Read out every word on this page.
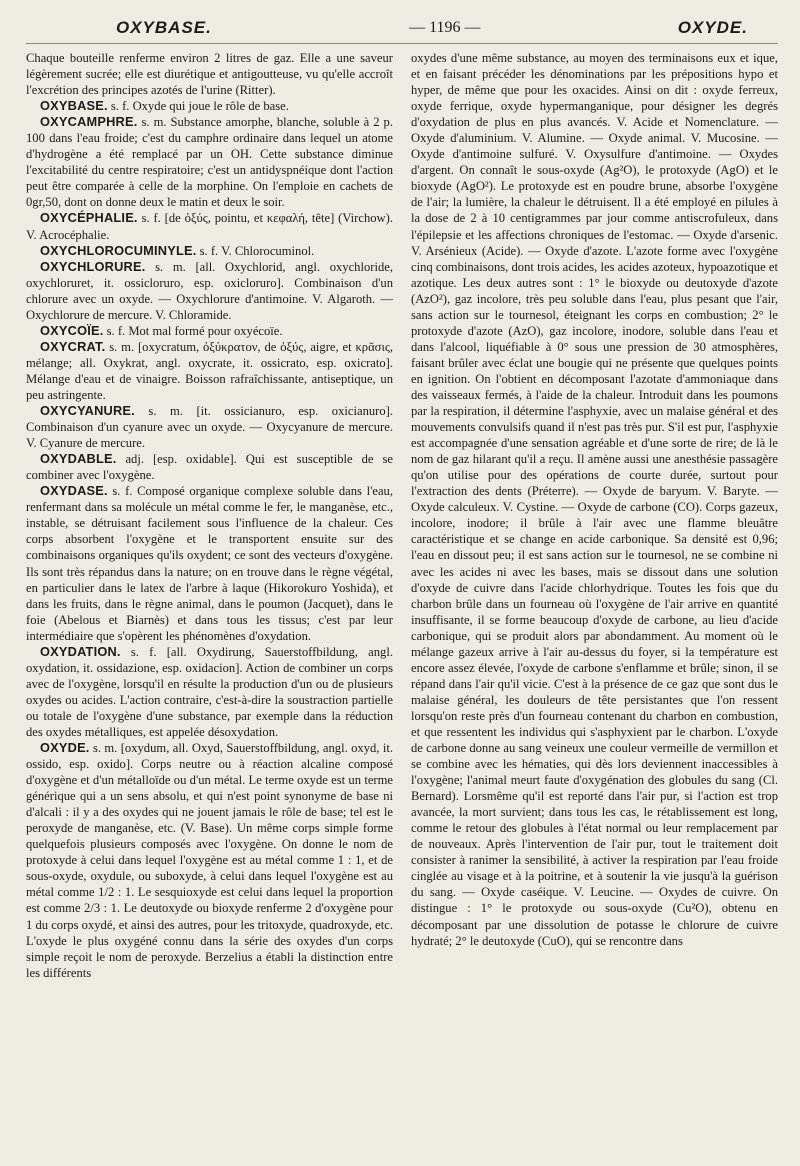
OXYBASE.	— 1196 —	OXYDE.

Chaque bouteille renferme environ 2 litres de gaz. Elle a une saveur légèrement sucrée; elle est diurétique et antigoutteuse, vu qu'elle accroît l'excrétion des principes azotés de l'urine (Ritter).

OXYBASE. s. f. Oxyde qui joue le rôle de base.

OXYCAMPHRE. s. m. Substance amorphe, blanche, soluble à 2 p. 100 dans l'eau froide; c'est du camphre ordinaire dans lequel un atome d'hydrogène a été remplacé par un OH. Cette substance diminue l'excitabilité du centre respiratoire; c'est un antidyspnéique dont l'action peut être comparée à celle de la morphine. On l'emploie en cachets de 0gr,50, dont on donne deux le matin et deux le soir.

OXYCÉPHALIE. s. f. [de ὀξύς, pointu, et κεφαλή, tête] (Virchow). V. Acrocéphalie.

OXYCHLOROCUMINYLE. s. f. V. Chlorocuminol.

OXYCHLORURE. s. m. [all. Oxychlorid, angl. oxychloride, oxychloruret, it. ossicloruro, esp. oxicloruro]. Combinaison d'un chlorure avec un oxyde. — Oxychlorure d'antimoine. V. Algaroth. — Oxychlorure de mercure. V. Chloramide.

OXYCOÏE. s. f. Mot mal formé pour oxyécoïe.

OXYCRAT. s. m. [oxycratum, ὀξύκρατον, de ὀξύς, aigre, et κρᾶσις, mélange; all. Oxykrat, angl. oxycrate, it. ossicrato, esp. oxicrato]. Mélange d'eau et de vinaigre. Boisson rafraîchissante, antiseptique, un peu astringente.

OXYCYANURE. s. m. [it. ossicianuro, esp. oxicianuro]. Combinaison d'un cyanure avec un oxyde. — Oxycyanure de mercure. V. Cyanure de mercure.

OXYDABLE. adj. [esp. oxidable]. Qui est susceptible de se combiner avec l'oxygène.

OXYDASE. s. f. Composé organique complexe soluble dans l'eau, renfermant dans sa molécule un métal comme le fer, le manganèse, etc., instable, se détruisant facilement sous l'influence de la chaleur. Ces corps absorbent l'oxygène et le transportent ensuite sur des combinaisons organiques qu'ils oxydent; ce sont des vecteurs d'oxygène. Ils sont très répandus dans la nature; on en trouve dans le règne végétal, en particulier dans le latex de l'arbre à laque (Hikorokuro Yoshida), et dans les fruits, dans le règne animal, dans le poumon (Jacquet), dans le foie (Abelous et Biarnès) et dans tous les tissus; c'est par leur intermédiaire que s'opèrent les phénomènes d'oxydation.

OXYDATION. s. f. [all. Oxydirung, Sauerstoffbildung, angl. oxydation, it. ossidazione, esp. oxidacion]. Action de combiner un corps avec de l'oxygène, lorsqu'il en résulte la production d'un ou de plusieurs oxydes ou acides. L'action contraire, c'est-à-dire la soustraction partielle ou totale de l'oxygène d'une substance, par exemple dans la réduction des oxydes métalliques, est appelée désoxydation.

OXYDE. s. m. [oxydum, all. Oxyd, Sauerstoffbildung, angl. oxyd, it. ossido, esp. oxido]. Corps neutre ou à réaction alcaline composé d'oxygène et d'un métalloïde ou d'un métal. Le terme oxyde est un terme générique qui a un sens absolu, et qui n'est point synonyme de base ni d'alcali : il y a des oxydes qui ne jouent jamais le rôle de base; tel est le peroxyde de manganèse, etc. (V. Base). Un même corps simple forme quelquefois plusieurs composés avec l'oxygène. On donne le nom de protoxyde à celui dans lequel l'oxygène est au métal comme 1 : 1, et de sous-oxyde, oxydule, ou suboxyde, à celui dans lequel l'oxygène est au métal comme 1/2 : 1. Le sesquioxyde est celui dans lequel la proportion est comme 2/3 : 1. Le deutoxyde ou bioxyde renferme 2 d'oxygène pour 1 du corps oxydé, et ainsi des autres, pour les tritoxyde, quadroxyde, etc. L'oxyde le plus oxygéné connu dans la série des oxydes d'un corps simple reçoit le nom de peroxyde. Berzelius a établi la distinction entre les différents

oxydes d'une même substance, au moyen des terminaisons eux et ique, et en faisant précéder les dénominations par les prépositions hypo et hyper, de même que pour les oxacides. Ainsi on dit : oxyde ferreux, oxyde ferrique, oxyde hypermanganique, pour désigner les degrés d'oxydation de plus en plus avancés. V. Acide et Nomenclature. — Oxyde d'aluminium. V. Alumine. — Oxyde animal. V. Mucosine. — Oxyde d'antimoine sulfuré. V. Oxysulfure d'antimoine. — Oxydes d'argent. On connaît le sous-oxyde (Ag²O), le protoxyde (AgO) et le bioxyde (AgO²). Le protoxyde est en poudre brune, absorbe l'oxygène de l'air; la lumière, la chaleur le détruisent. Il a été employé en pilules à la dose de 2 à 10 centigrammes par jour comme antiscrofuleux, dans l'épilepsie et les affections chroniques de l'estomac. — Oxyde d'arsenic. V. Arsénieux (Acide). — Oxyde d'azote. L'azote forme avec l'oxygène cinq combinaisons, dont trois acides, les acides azoteux, hypoazotique et azotique. Les deux autres sont : 1° le bioxyde ou deutoxyde d'azote (AzO²), gaz incolore, très peu soluble dans l'eau, plus pesant que l'air, sans action sur le tournesol, éteignant les corps en combustion; 2° le protoxyde d'azote (AzO), gaz incolore, inodore, soluble dans l'eau et dans l'alcool, liquéfiable à 0° sous une pression de 30 atmosphères, faisant brûler avec éclat une bougie qui ne présente que quelques points en ignition. On l'obtient en décomposant l'azotate d'ammoniaque dans des vaisseaux fermés, à l'aide de la chaleur. Introduit dans les poumons par la respiration, il détermine l'asphyxie, avec un malaise général et des mouvements convulsifs quand il n'est pas très pur. S'il est pur, l'asphyxie est accompagnée d'une sensation agréable et d'une sorte de rire; de là le nom de gaz hilarant qu'il a reçu. Il amène aussi une anesthésie passagère qu'on utilise pour des opérations de courte durée, surtout pour l'extraction des dents (Préterre). — Oxyde de baryum. V. Baryte. — Oxyde calculeux. V. Cystine. — Oxyde de carbone (CO). Corps gazeux, incolore, inodore; il brûle à l'air avec une flamme bleuâtre caractéristique et se change en acide carbonique. Sa densité est 0,96; l'eau en dissout peu; il est sans action sur le tournesol, ne se combine ni avec les acides ni avec les bases, mais se dissout dans une solution d'oxyde de cuivre dans l'acide chlorhydrique. Toutes les fois que du charbon brûle dans un fourneau où l'oxygène de l'air arrive en quantité insuffisante, il se forme beaucoup d'oxyde de carbone, au lieu d'acide carbonique, qui se produit alors par abondamment. Au moment où le mélange gazeux arrive à l'air au-dessus du foyer, si la température est encore assez élevée, l'oxyde de carbone s'enflamme et brûle; sinon, il se répand dans l'air qu'il vicie. C'est à la présence de ce gaz que sont dus le malaise général, les douleurs de tête persistantes que l'on ressent lorsqu'on reste près d'un fourneau contenant du charbon en combustion, et que ressentent les individus qui s'asphyxient par le charbon. L'oxyde de carbone donne au sang veineux une couleur vermeille de vermillon et se combine avec les hématies, qui dès lors deviennent inaccessibles à l'oxygène; l'animal meurt faute d'oxygénation des globules du sang (Cl. Bernard). Lorsmême qu'il est reporté dans l'air pur, si l'action est trop avancée, la mort survient; dans tous les cas, le rétablissement est long, comme le retour des globules à l'état normal ou leur remplacement par de nouveaux. Après l'intervention de l'air pur, tout le traitement doit consister à ranimer la sensibilité, à activer la respiration par l'eau froide cinglée au visage et à la poitrine, et à soutenir la vie jusqu'à la guérison du sang. — Oxyde caséique. V. Leucine. — Oxydes de cuivre. On distingue : 1° le protoxyde ou sous-oxyde (Cu²O), obtenu en décomposant par une dissolution de potasse le chlorure de cuivre hydraté; 2° le deutoxyde (CuO), qui se rencontre dans
